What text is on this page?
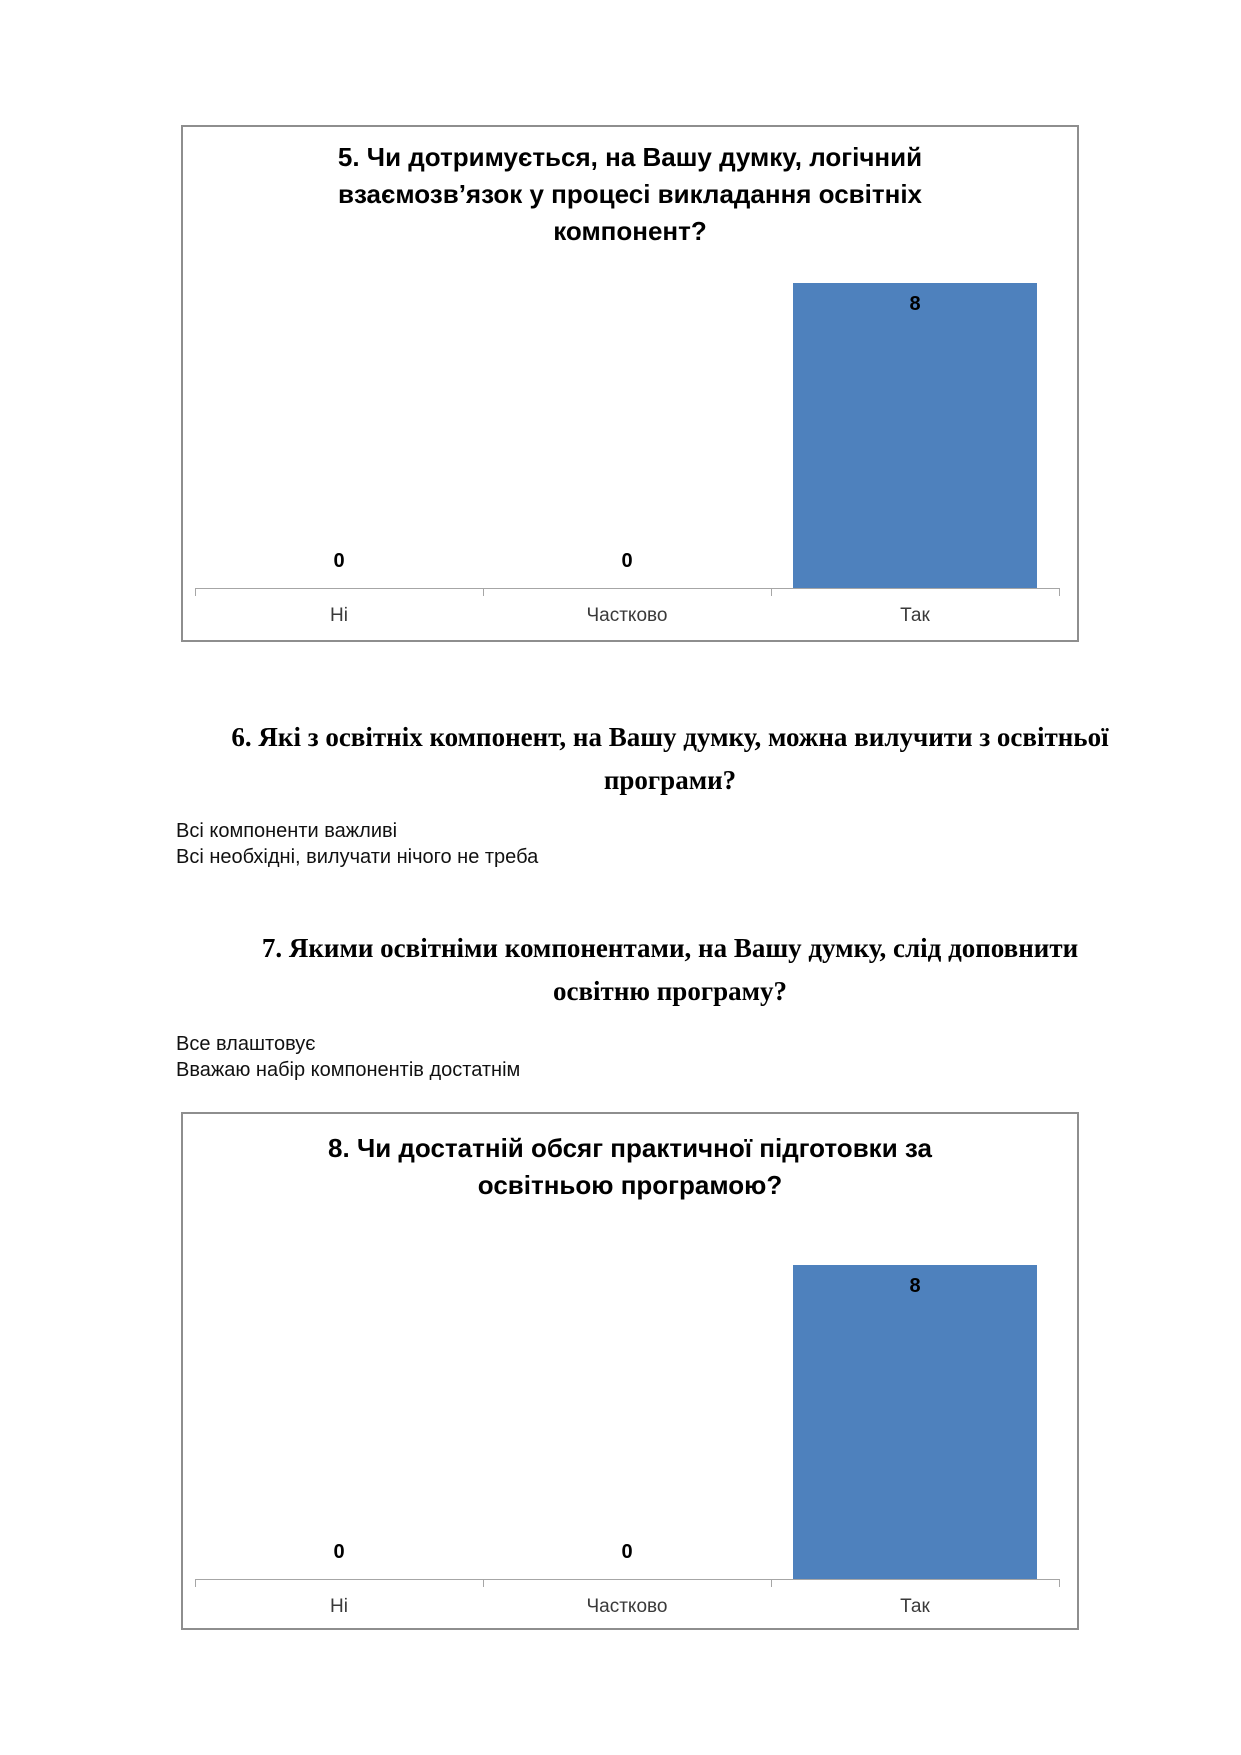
5. Чи дотримується, на Вашу думку, логічний
взаємозв’язок у процесі викладання освітніх
компонент?
0
Ні
0
Частково
8
Так
6. Які з освітніх компонент, на Вашу думку, можна вилучити з освітньої
програми?
Всі компоненти важливі
Всі необхідні, вилучати нічого не треба
7. Якими освітніми компонентами, на Вашу думку, слід доповнити
освітню програму?
Все влаштовує
Вважаю набір компонентів достатнім
8. Чи достатній обсяг практичної підготовки за
освітньою програмою?
0
Ні
0
Частково
8
Так
